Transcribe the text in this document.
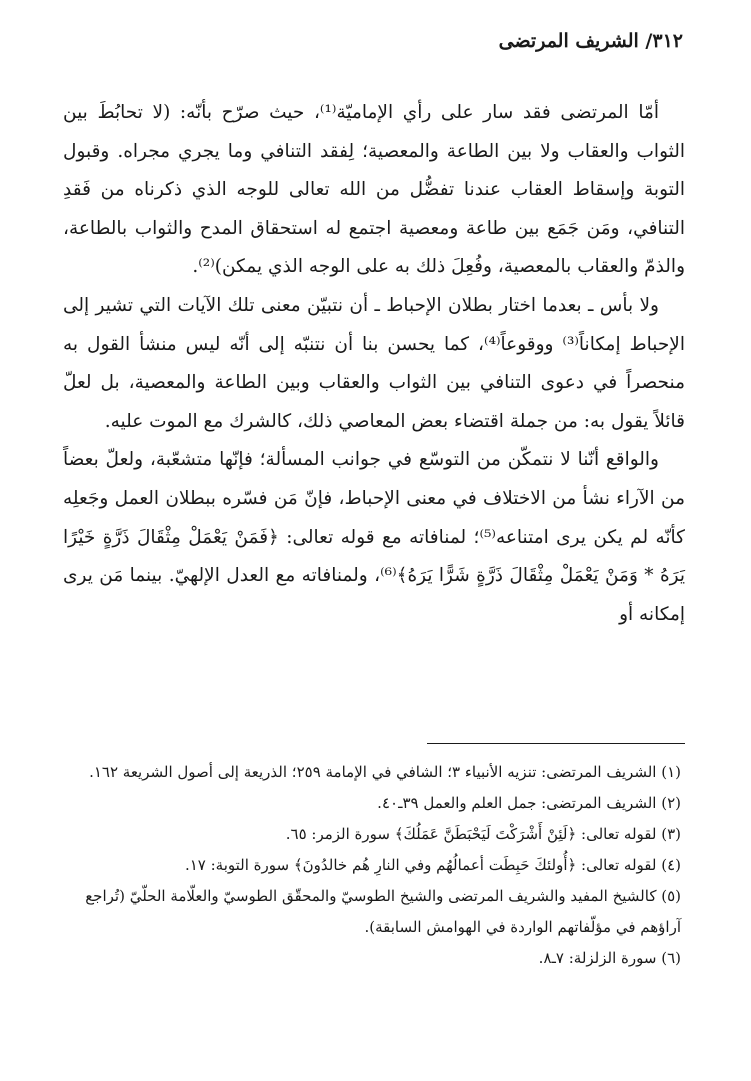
٣١٢/ الشريف المرتضى

أمّا المرتضى فقد سار على رأي الإماميّة⁽¹⁾، حيث صرّح بأنّه: (لا تحابُطَ بين الثواب والعقاب ولا بين الطاعة والمعصية؛ لِفقد التنافي وما يجري مجراه. وقبول التوبة وإسقاط العقاب عندنا تفضُّل من الله تعالى للوجه الذي ذكرناه من فَقدِ التنافي، ومَن جَمَع بين طاعة ومعصية اجتمع له استحقاق المدح والثواب بالطاعة، والذمّ والعقاب بالمعصية، وفُعِلَ ذلك به على الوجه الذي يمكن)⁽²⁾.

ولا بأس ـ بعدما اختار بطلان الإحباط ـ أن نتبيّن معنى تلك الآيات التي تشير إلى الإحباط إمكاناً⁽³⁾ ووقوعاً⁽⁴⁾، كما يحسن بنا أن نتنبّه إلى أنّه ليس منشأ القول به منحصراً في دعوى التنافي بين الثواب والعقاب وبين الطاعة والمعصية، بل لعلّ قائلاً يقول به: من جملة اقتضاء بعض المعاصي ذلك، كالشرك مع الموت عليه.

والواقع أنّنا لا نتمكّن من التوسّع في جوانب المسألة؛ فإنّها متشعّبة، ولعلّ بعضاً من الآراء نشأ من الاختلاف في معنى الإحباط، فإنّ مَن فسّره ببطلان العمل وجَعلِه كأنّه لم يكن يرى امتناعه⁽⁵⁾؛ لمنافاته مع قوله تعالى: ﴿فَمَنْ يَعْمَلْ مِثْقَالَ ذَرَّةٍ خَيْرًا يَرَهُ * وَمَنْ يَعْمَلْ مِثْقَالَ ذَرَّةٍ شَرًّا يَرَهُ﴾⁽⁶⁾، ولمنافاته مع العدل الإلهيّ. بينما مَن يرى إمكانه أو

(١) الشريف المرتضى: تنزيه الأنبياء ٣؛ الشافي في الإمامة ٢٥٩؛ الذريعة إلى أصول الشريعة ١٦٢.

(٢) الشريف المرتضى: جمل العلم والعمل ٣٩ـ٤٠.

(٣) لقوله تعالى: ﴿لَئِنْ أَشْرَكْتَ لَيَحْبَطَنَّ عَمَلُكَ﴾ سورة الزمر: ٦٥.

(٤) لقوله تعالى: ﴿أُولئكَ حَبِطَت أعمالُهُم وفي النارِ هُم خالدُونَ﴾ سورة التوبة: ١٧.

(٥) كالشيخ المفيد والشريف المرتضى والشيخ الطوسيّ والمحقّق الطوسيّ والعلّامة الحلّيّ (تُراجع آراؤهم في مؤلّفاتهم الواردة في الهوامش السابقة).

(٦) سورة الزلزلة: ٧ـ٨.
